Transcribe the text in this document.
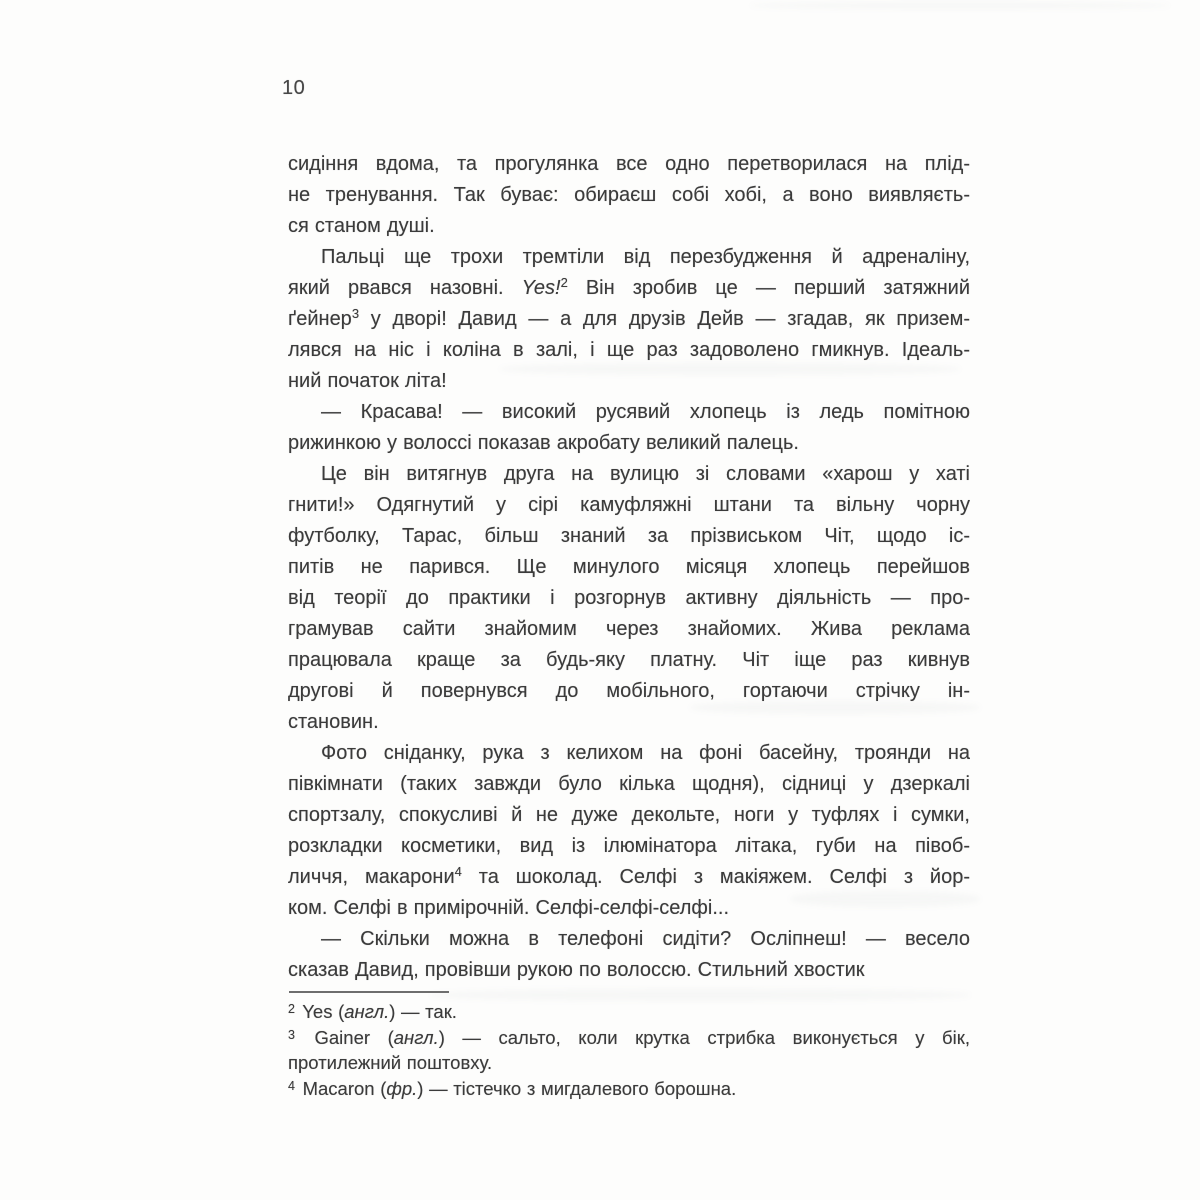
10
сидіння вдома, та прогулянка все одно перетворилася на плід-
не тренування. Так буває: обираєш собі хобі, а воно виявляєть-
ся станом душі.
Пальці ще трохи тремтіли від перезбудження й адреналіну,
який рвався назовні. Yes!$^2$ Він зробив це — перший затяжний
ґейнер$^3$ у дворі! Давид — а для друзів Дейв — згадав, як призем-
лявся на ніс і коліна в залі, і ще раз задоволено гмикнув. Ідеаль-
ний початок літа!
— Красава! — високий русявий хлопець із ледь помітною
рижинкою у волоссі показав акробату великий палець.
Це він витягнув друга на вулицю зі словами «харош у хаті
гнити!» Одягнутий у сірі камуфляжні штани та вільну чорну
футболку, Тарас, більш знаний за прізвиськом Чіт, щодо іс-
питів не парився. Ще минулого місяця хлопець перейшов
від теорії до практики і розгорнув активну діяльність — про-
грамував сайти знайомим через знайомих. Жива реклама
працювала краще за будь-яку платну. Чіт іще раз кивнув
другові й повернувся до мобільного, гортаючи стрічку ін-
становин.
Фото сніданку, рука з келихом на фоні басейну, троянди на
півкімнати (таких завжди було кілька щодня), сідниці у дзеркалі
спортзалу, спокусливі й не дуже декольте, ноги у туфлях і сумки,
розкладки косметики, вид із ілюмінатора літака, губи на півоб-
личчя, макарони$^4$ та шоколад. Селфі з макіяжем. Селфі з йор-
ком. Селфі в примірочній. Селфі-селфі-селфі...
— Скільки можна в телефоні сидіти? Осліпнеш! — весело
сказав Давид, провівши рукою по волоссю. Стильний хвостик
$^2$ Yes (англ.) — так.
$^3$ Gainer (англ.) — сальто, коли крутка стрибка виконується у бік,
протилежний поштовху.
$^4$ Macaron (фр.) — тістечко з мигдалевого борошна.
